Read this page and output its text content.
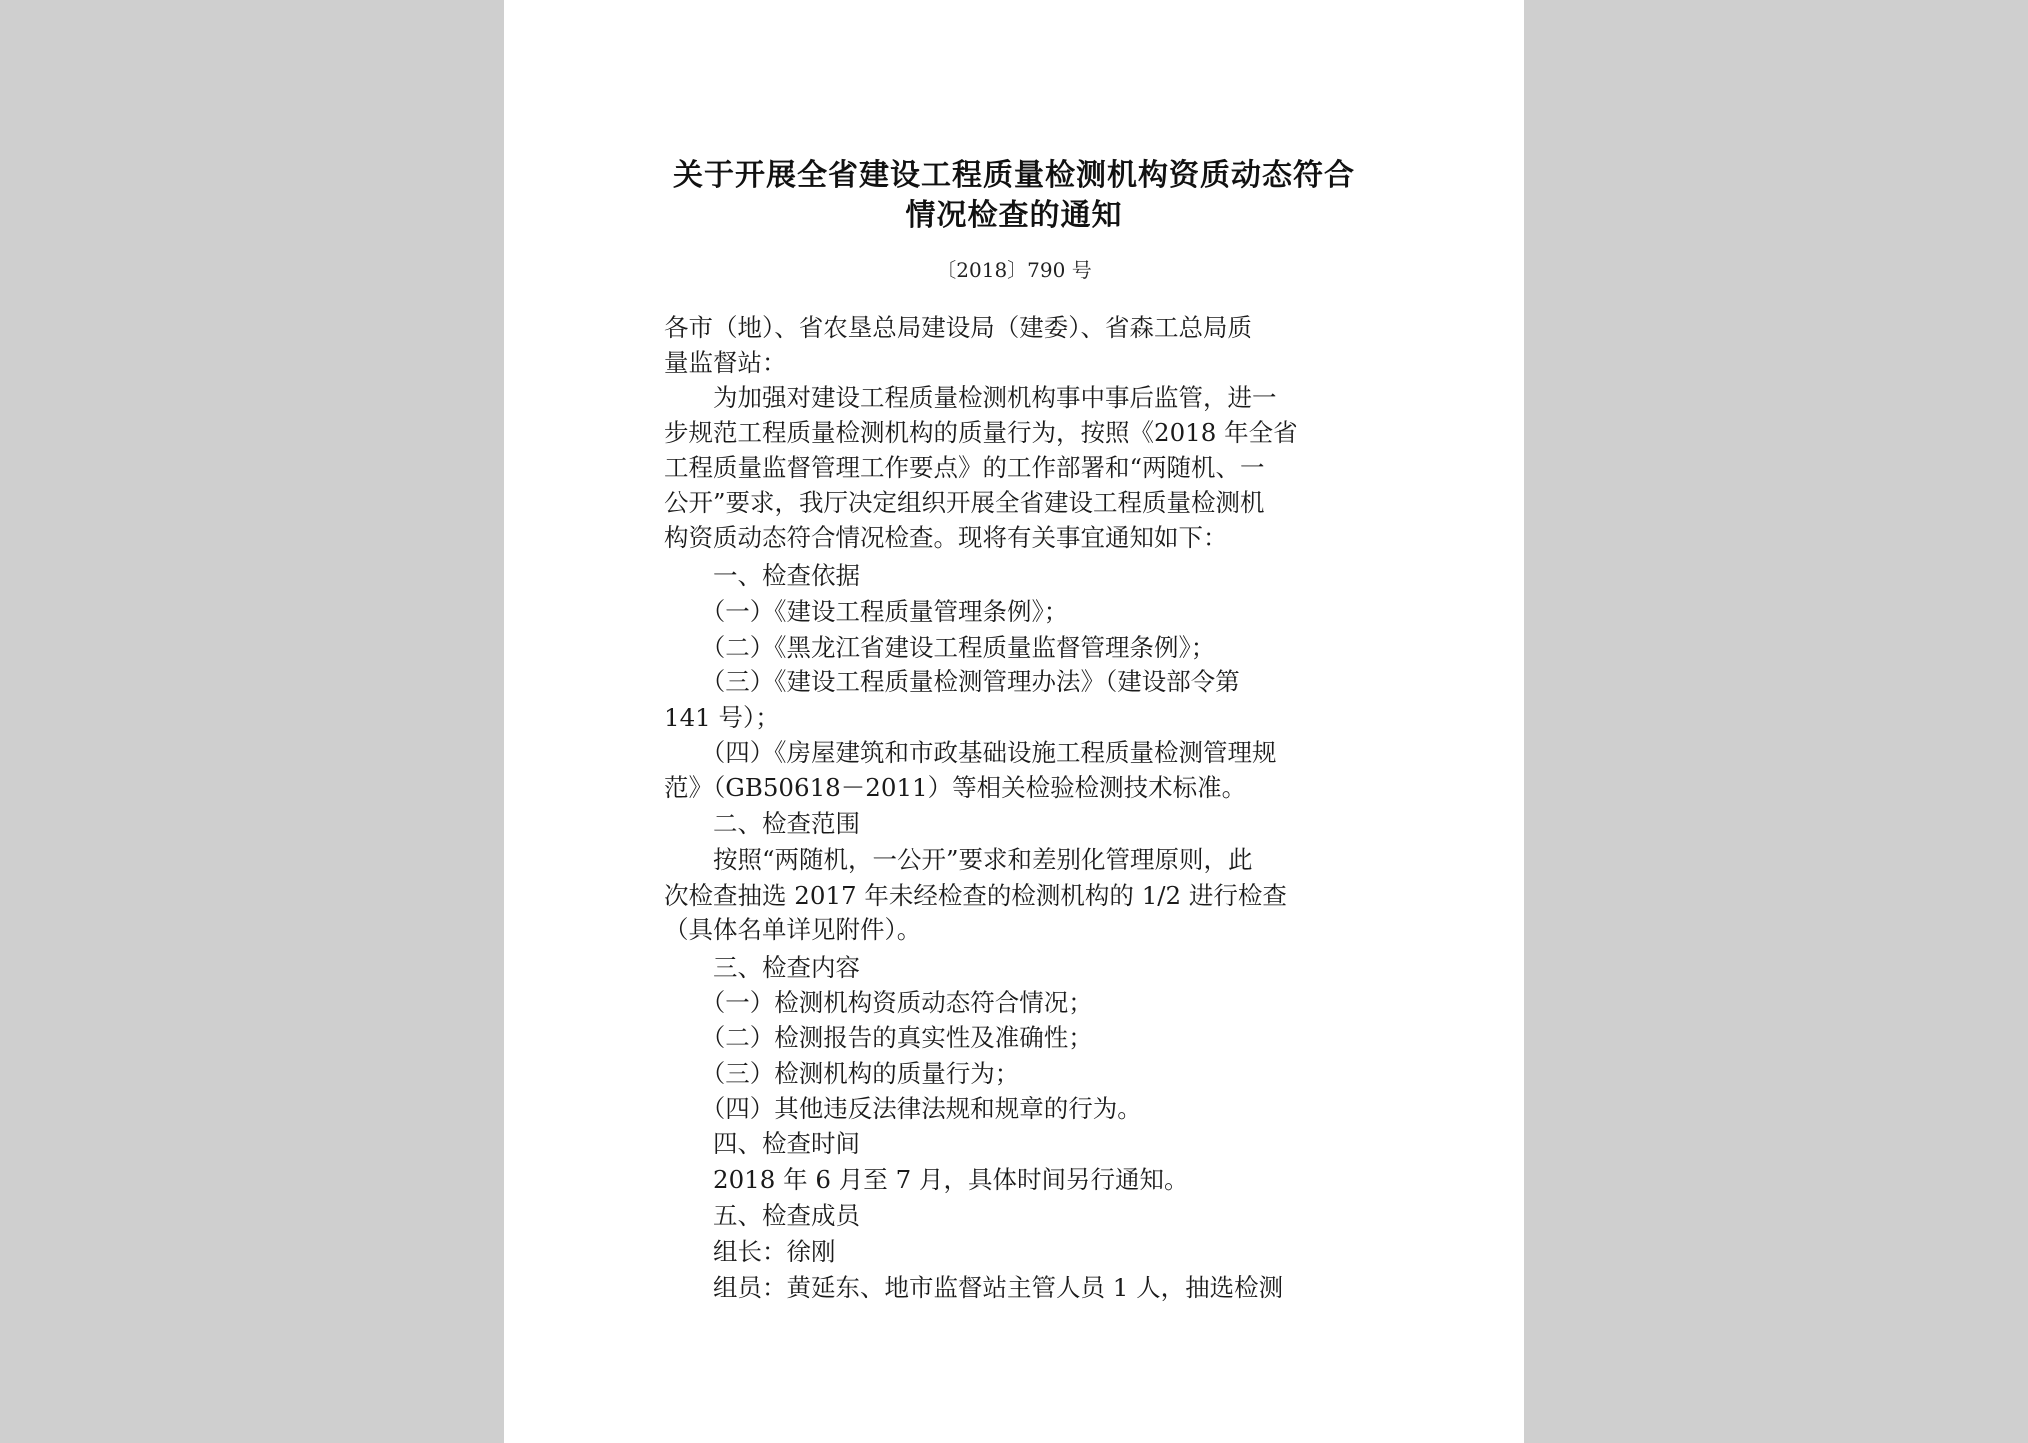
关于开展全省建设工程质量检测机构资质动态符合
情况检查的通知
〔2018〕790 号

各市（地）、省农垦总局建设局（建委）、省森工总局质

量监督站：

　　为加强对建设工程质量检测机构事中事后监管，进一

步规范工程质量检测机构的质量行为，按照《2018 年全省

工程质量监督管理工作要点》的工作部署和“两随机、一

公开”要求，我厅决定组织开展全省建设工程质量检测机

构资质动态符合情况检查。现将有关事宜通知如下：

　　一、检查依据

　　（一）《建设工程质量管理条例》；

　　（二）《黑龙江省建设工程质量监督管理条例》；

　　（三）《建设工程质量检测管理办法》（建设部令第

141 号）；

　　（四）《房屋建筑和市政基础设施工程质量检测管理规

范》（GB50618－2011）等相关检验检测技术标准。

　　二、检查范围

　　按照“两随机，一公开”要求和差别化管理原则，此

次检查抽选 2017 年未经检查的检测机构的 1/2 进行检查

（具体名单详见附件）。

　　三、检查内容

　　（一）检测机构资质动态符合情况；

　　（二）检测报告的真实性及准确性；

　　（三）检测机构的质量行为；

　　（四）其他违反法律法规和规章的行为。

　　四、检查时间

　　2018 年 6 月至 7 月，具体时间另行通知。

　　五、检查成员

　　组长：徐刚

　　组员：黄延东、地市监督站主管人员 1 人，抽选检测
